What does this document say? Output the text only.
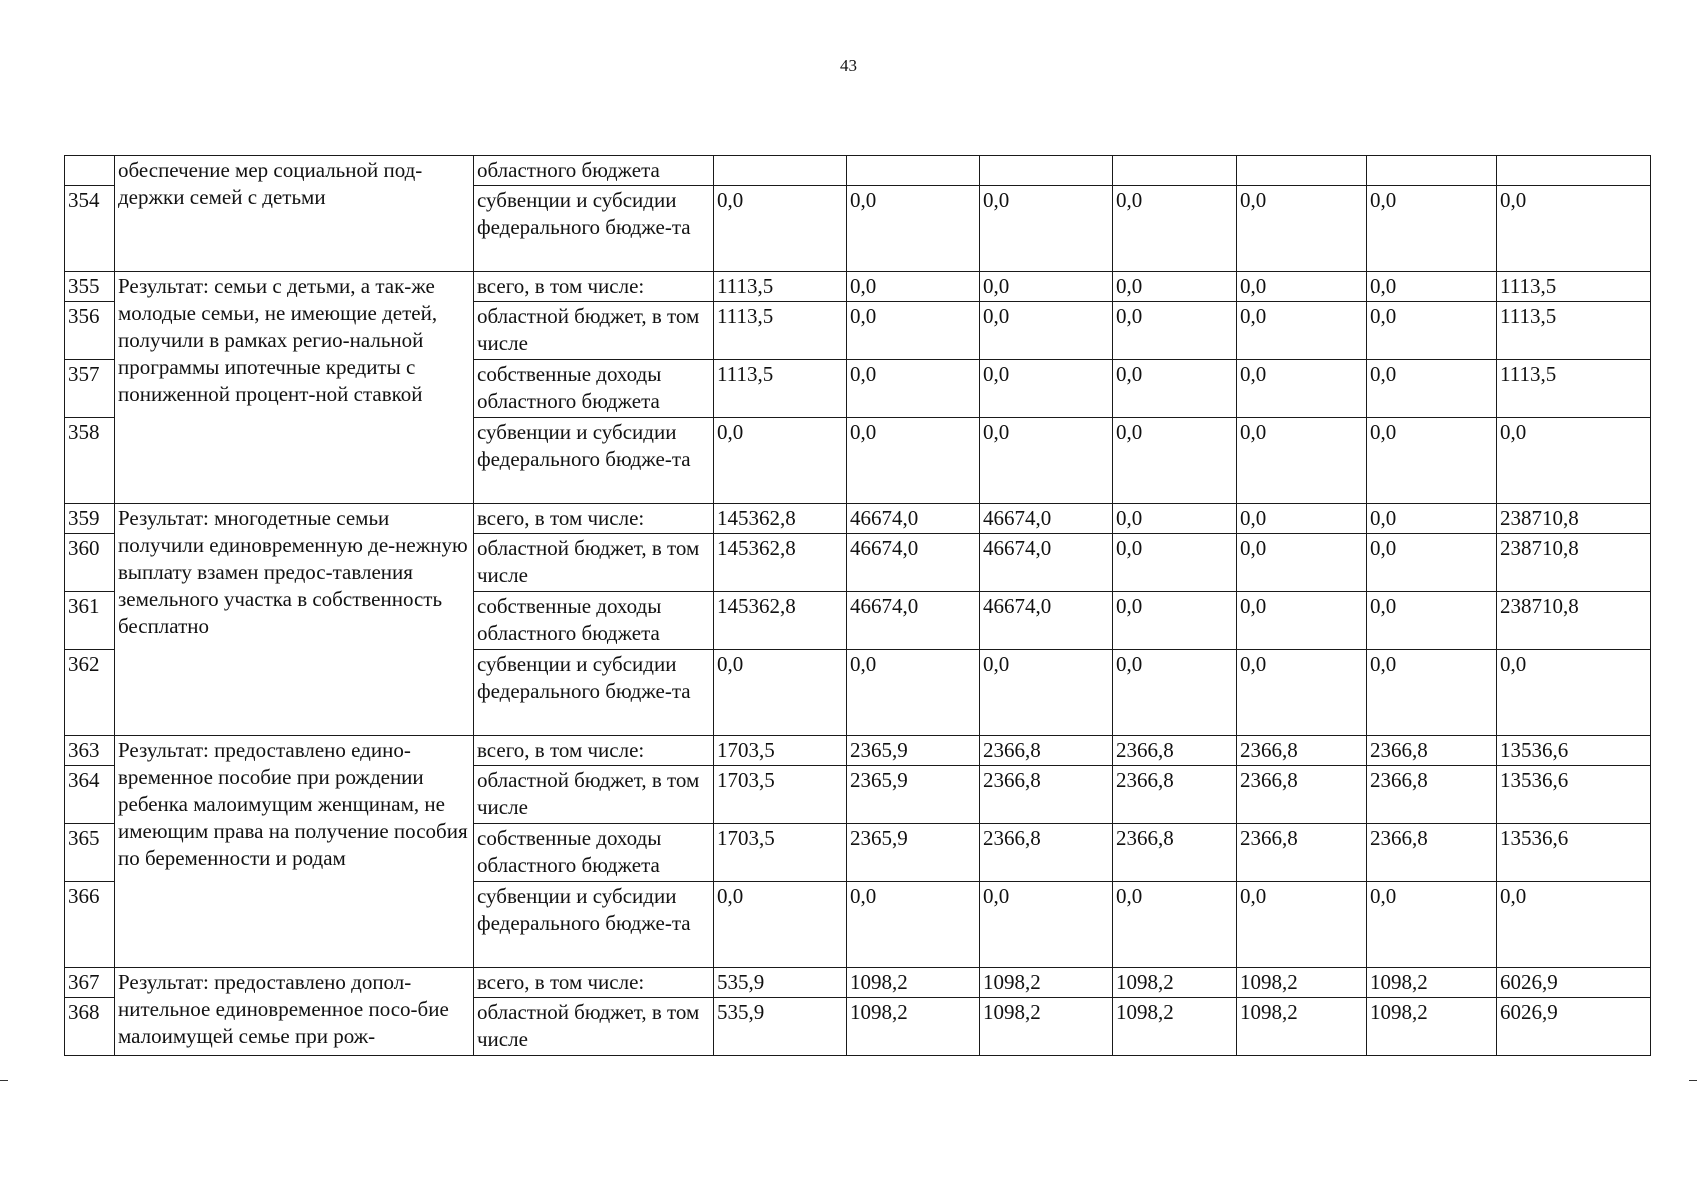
43
	обеспечение мер социальной под-держки семей с детьми	областного бюджета							
354		субвенции и субсидии федерального бюдже-та	0,0	0,0	0,0	0,0	0,0	0,0	0,0
355	Результат: семьи с детьми, а так-же молодые семьи, не имеющие детей, получили в рамках регио-нальной программы ипотечные кредиты с пониженной процент-ной ставкой	всего, в том числе:	1113,5	0,0	0,0	0,0	0,0	0,0	1113,5
356		областной бюджет, в том числе	1113,5	0,0	0,0	0,0	0,0	0,0	1113,5
357		собственные доходы областного бюджета	1113,5	0,0	0,0	0,0	0,0	0,0	1113,5
358		субвенции и субсидии федерального бюдже-та	0,0	0,0	0,0	0,0	0,0	0,0	0,0
359	Результат: многодетные семьи получили единовременную де-нежную выплату взамен предос-тавления земельного участка в собственность бесплатно	всего, в том числе:	145362,8	46674,0	46674,0	0,0	0,0	0,0	238710,8
360		областной бюджет, в том числе	145362,8	46674,0	46674,0	0,0	0,0	0,0	238710,8
361		собственные доходы областного бюджета	145362,8	46674,0	46674,0	0,0	0,0	0,0	238710,8
362		субвенции и субсидии федерального бюдже-та	0,0	0,0	0,0	0,0	0,0	0,0	0,0
363	Результат: предоставлено едино-временное пособие при рождении ребенка малоимущим женщинам, не имеющим права на получение пособия по беременности и родам	всего, в том числе:	1703,5	2365,9	2366,8	2366,8	2366,8	2366,8	13536,6
364		областной бюджет, в том числе	1703,5	2365,9	2366,8	2366,8	2366,8	2366,8	13536,6
365		собственные доходы областного бюджета	1703,5	2365,9	2366,8	2366,8	2366,8	2366,8	13536,6
366		субвенции и субсидии федерального бюдже-та	0,0	0,0	0,0	0,0	0,0	0,0	0,0
367	Результат: предоставлено допол-нительное единовременное посо-бие малоимущей семье при рож-	всего, в том числе:	535,9	1098,2	1098,2	1098,2	1098,2	1098,2	6026,9
368		областной бюджет, в том числе	535,9	1098,2	1098,2	1098,2	1098,2	1098,2	6026,9
